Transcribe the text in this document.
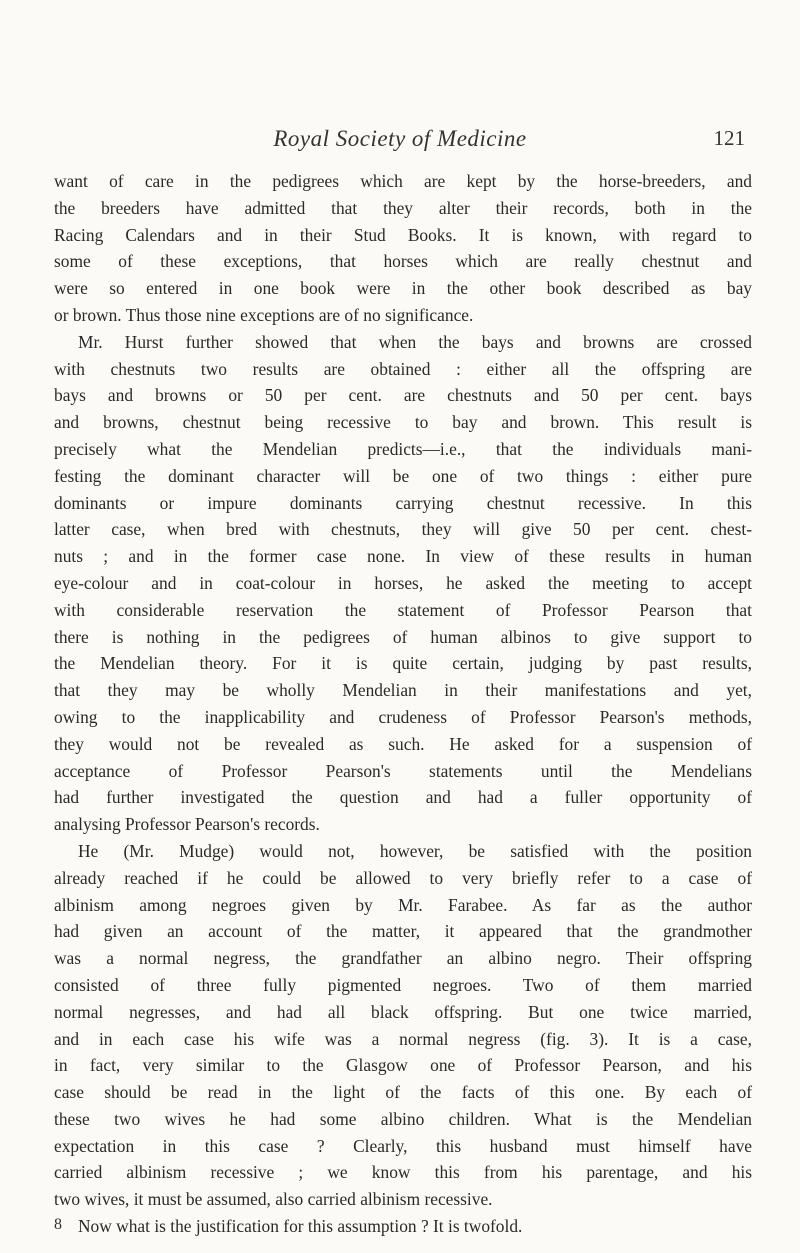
Royal Society of Medicine	121
want of care in the pedigrees which are kept by the horse-breeders, and
the breeders have admitted that they alter their records, both in the
Racing Calendars and in their Stud Books. It is known, with regard to
some of these exceptions, that horses which are really chestnut and
were so entered in one book were in the other book described as bay
or brown. Thus those nine exceptions are of no significance.
Mr. Hurst further showed that when the bays and browns are crossed
with chestnuts two results are obtained : either all the offspring are
bays and browns or 50 per cent. are chestnuts and 50 per cent. bays
and browns, chestnut being recessive to bay and brown. This result is
precisely what the Mendelian predicts—i.e., that the individuals mani-
festing the dominant character will be one of two things : either pure
dominants or impure dominants carrying chestnut recessive. In this
latter case, when bred with chestnuts, they will give 50 per cent. chest-
nuts ; and in the former case none. In view of these results in human
eye-colour and in coat-colour in horses, he asked the meeting to accept
with considerable reservation the statement of Professor Pearson that
there is nothing in the pedigrees of human albinos to give support to
the Mendelian theory. For it is quite certain, judging by past results,
that they may be wholly Mendelian in their manifestations and yet,
owing to the inapplicability and crudeness of Professor Pearson's methods,
they would not be revealed as such. He asked for a suspension of
acceptance of Professor Pearson's statements until the Mendelians
had further investigated the question and had a fuller opportunity of
analysing Professor Pearson's records.
He (Mr. Mudge) would not, however, be satisfied with the position
already reached if he could be allowed to very briefly refer to a case of
albinism among negroes given by Mr. Farabee. As far as the author
had given an account of the matter, it appeared that the grandmother
was a normal negress, the grandfather an albino negro. Their offspring
consisted of three fully pigmented negroes. Two of them married
normal negresses, and had all black offspring. But one twice married,
and in each case his wife was a normal negress (fig. 3). It is a case,
in fact, very similar to the Glasgow one of Professor Pearson, and his
case should be read in the light of the facts of this one. By each of
these two wives he had some albino children. What is the Mendelian
expectation in this case ? Clearly, this husband must himself have
carried albinism recessive ; we know this from his parentage, and his
two wives, it must be assumed, also carried albinism recessive.
Now what is the justification for this assumption ? It is twofold.
8
